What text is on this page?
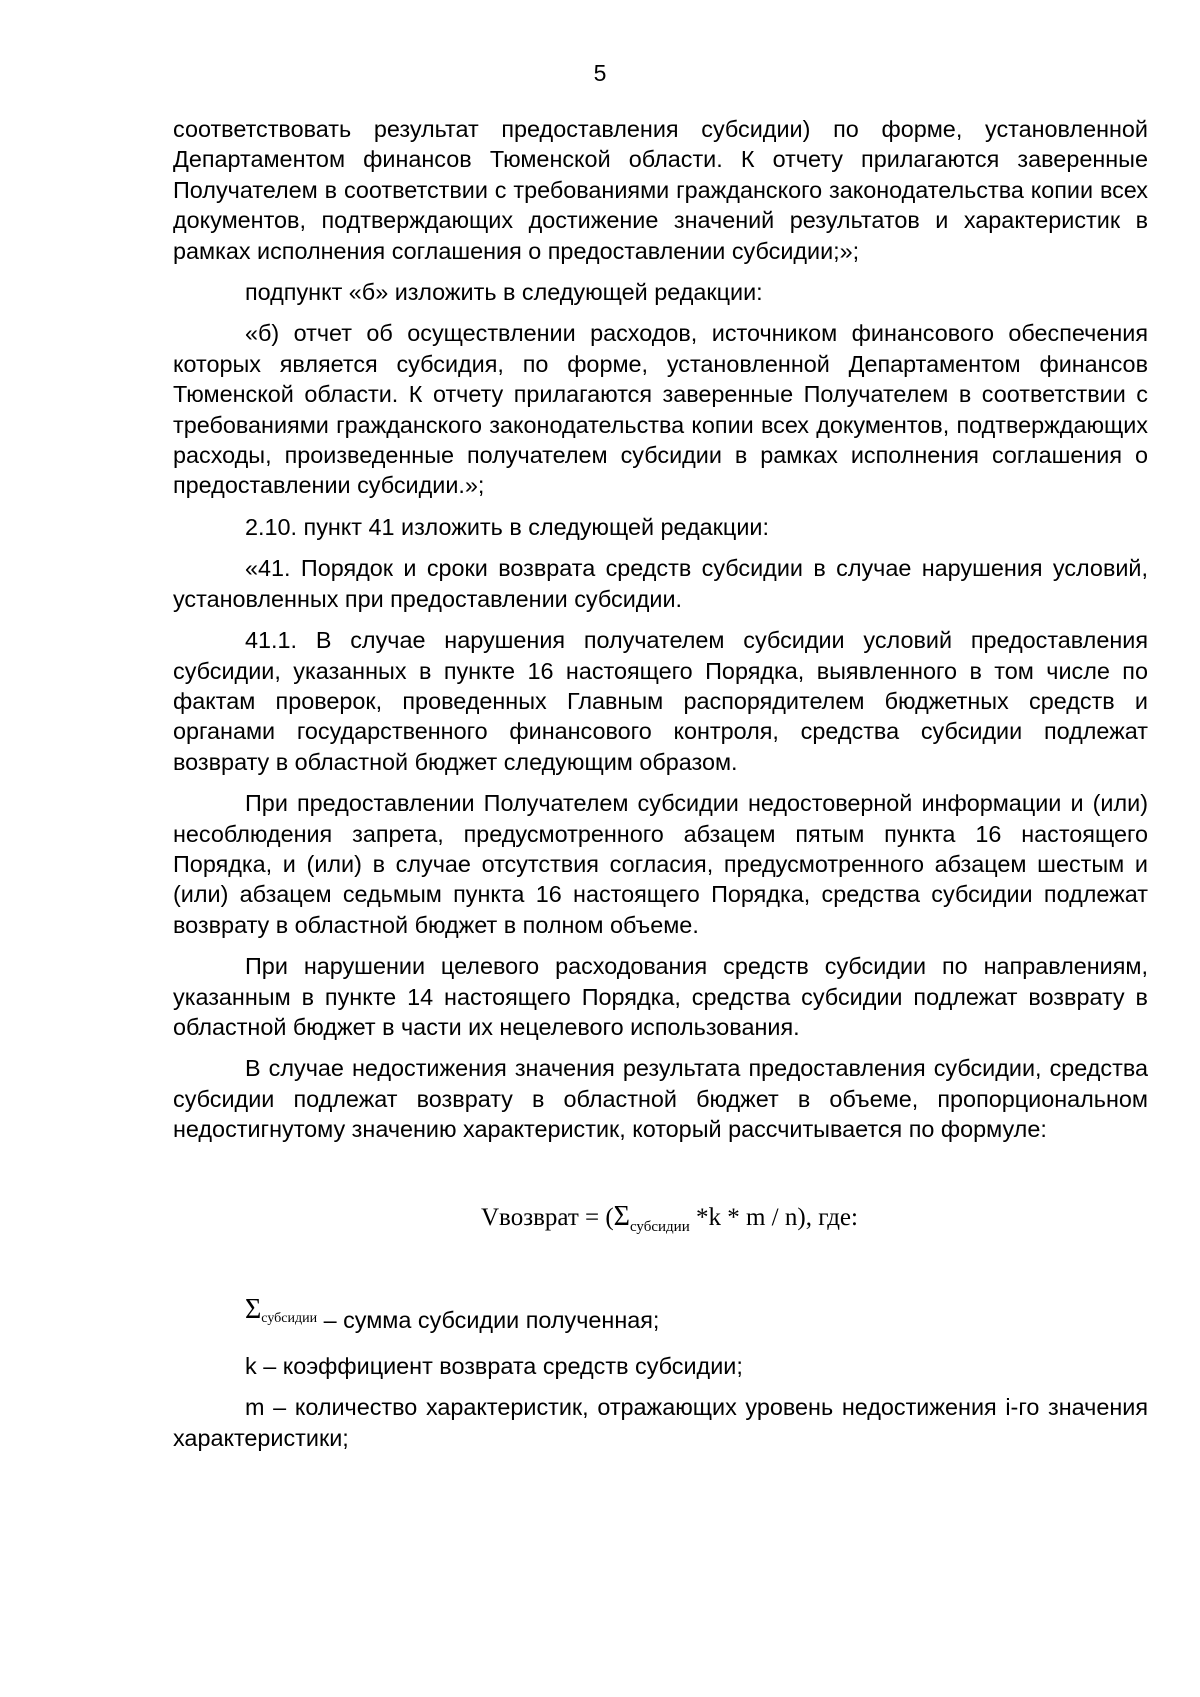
5

соответствовать результат предоставления субсидии) по форме, установленной Департаментом финансов Тюменской области. К отчету прилагаются заверенные Получателем в соответствии с требованиями гражданского законодательства копии всех документов, подтверждающих достижение значений результатов и характеристик в рамках исполнения соглашения о предоставлении субсидии;»;

подпункт «б» изложить в следующей редакции:

«б) отчет об осуществлении расходов, источником финансового обеспечения которых является субсидия, по форме, установленной Департаментом финансов Тюменской области. К отчету прилагаются заверенные Получателем в соответствии с требованиями гражданского законодательства копии всех документов, подтверждающих расходы, произведенные получателем субсидии в рамках исполнения соглашения о предоставлении субсидии.»;

2.10. пункт 41 изложить в следующей редакции:

«41. Порядок и сроки возврата средств субсидии в случае нарушения условий, установленных при предоставлении субсидии.

41.1. В случае нарушения получателем субсидии условий предоставления субсидии, указанных в пункте 16 настоящего Порядка, выявленного в том числе по фактам проверок, проведенных Главным распорядителем бюджетных средств и органами государственного финансового контроля, средства субсидии подлежат возврату в областной бюджет следующим образом.

При предоставлении Получателем субсидии недостоверной информации и (или) несоблюдения запрета, предусмотренного абзацем пятым пункта 16 настоящего Порядка, и (или) в случае отсутствия согласия, предусмотренного абзацем шестым и (или) абзацем седьмым пункта 16 настоящего Порядка, средства субсидии подлежат возврату в областной бюджет в полном объеме.

При нарушении целевого расходования средств субсидии по направлениям, указанным в пункте 14 настоящего Порядка, средства субсидии подлежат возврату в областной бюджет в части их нецелевого использования.

В случае недостижения значения результата предоставления субсидии, средства субсидии подлежат возврату в областной бюджет в объеме, пропорциональном недостигнутому значению характеристик, который рассчитывается по формуле:

Vвозврат = ($\Sigma_{субсидии}$ *k * m / n), где:

Σсубсидии – сумма субсидии полученная;

k – коэффициент возврата средств субсидии;

m – количество характеристик, отражающих уровень недостижения i-го значения характеристики;
